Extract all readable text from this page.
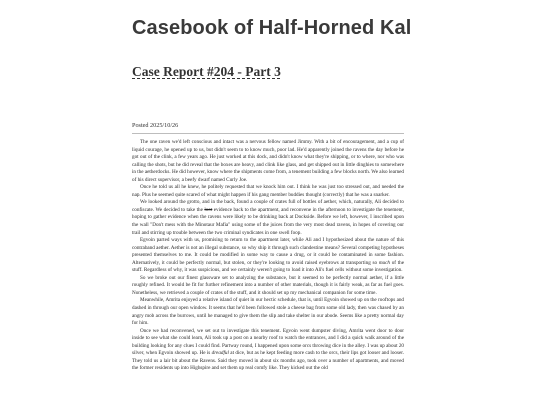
Casebook of Half-Horned Kal
Case Report #204 - Part 3
Posted 2025/10/26

The one raven we'd left conscious and intact was a nervous fellow named Jimmy. With a bit of encouragement, and a cup of liquid courage, he opened up to us, but didn't seem to to know much, poor lad. He'd apparently joined the ravens the day before he got out of the clink, a few years ago. He just worked at this dock, and didn't know what they're shipping, or to where, nor who was calling the shots, but he did reveal that the boxes are heavy, and clink like glass, and get shipped out in little dinghies to somewhere in the aetherdocks. He did however, know where the shipments come from, a tenement building a few blocks north. We also learned of his direct supervisor, a beefy dwarf named Curly Joe.

Once he told us all he knew, he politely requested that we knock him out. I think he was just too stressed out, and needed the nap. Plus he seemed quite scared of what might happen if his gang member buddies thought (correctly) that he was a snarker.

We looked around the grotto, and in the back, found a couple of crates full of bottles of aether, which, naturally, Ali decided to confiscate. We decided to take the loot evidence back to the apartment, and reconvene in the afternoon to investigate the tenement, hoping to gather evidence when the ravens were likely to be drinking back at Dockside. Before we left, however, I inscribed upon the wall "Don't mess with the Minotaur Mafia" using some of the juices from the very most dead ravens, in hopes of covering our trail and stirring up trouble between the two criminal syndicates in one swell foop.

Egvoin parted ways with us, promising to return to the apartment later, while Ali and I hypothesized about the nature of this contraband aether. Aether is not an illegal substance, so why ship it through such clandestine means? Several competing hypotheses presented themselves to me. It could be modified in some way to cause a drug, or it could be contaminated in some fashion. Alternatively, it could be perfectly normal, but stolen, or they're looking to avoid raised eyebrows at transporting so much of the stuff. Regardless of why, it was suspicious, and we certainly weren't going to load it into Ali's fuel cells without some investigation.

So we broke out our finest glassware set to analyzing the substance, but it seemed to be perfectly normal aether, if a little roughly refined. It would be fit for further refinement into a number of other materials, though it is fairly weak, as far as fuel goes. Nonetheless, we retrieved a couple of crates of the stuff, and it should set up my mechanical companion for some time.

Meanwhile, Amrita enjoyed a relative island of quiet in our hectic schedule, that is, until Egvoin showed up on the rooftops and dashed in through our open window. It seems that he'd been followed stole a cheese bag from some old lady, then was chased by an angry mob across the burrows, until he managed to give them the slip and take shelter in our abode. Seems like a pretty normal day for him.

Once we had reconvened, we set out to investigate this tenement. Egvoin went dumpster diving, Amrita went door to door inside to see what she could learn, Ali took up a post on a nearby roof to watch the entrances, and I did a quick walk around of the building looking for any clues I could find. Partway round, I happened upon some orcs throwing dice in the alley. I was up about 20 silver, when Egvoin showed up. He is dreadful at dice, but as he kept feeding more cash to the orcs, their lips got looser and looser. They told us a lair bit about the Ravens. Said they moved in about six months ago, took over a number of apartments, and moved the former residents up into Highspire and set them up real comfy like. They kicked out the old
